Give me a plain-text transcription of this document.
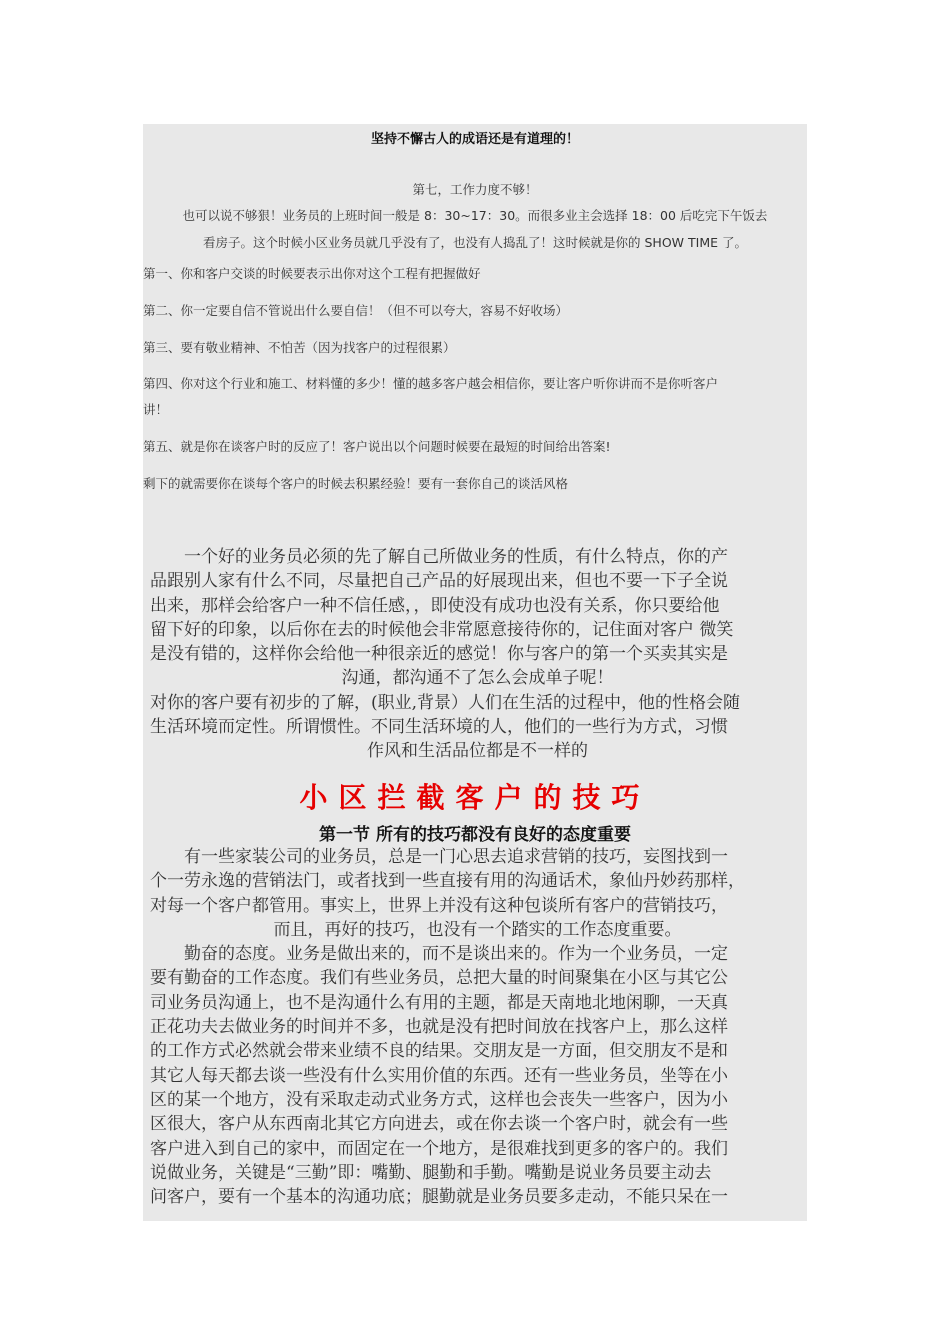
坚持不懈古人的成语还是有道理的！
第七，工作力度不够！
也可以说不够狠！业务员的上班时间一般是 8：30~17：30。而很多业主会选择 18：00 后吃完下午饭去
看房子。这个时候小区业务员就几乎没有了，也没有人捣乱了！这时候就是你的 SHOW TIME 了。
第一、你和客户交谈的时候要表示出你对这个工程有把握做好
第二、你一定要自信不管说出什么要自信！（但不可以夸大，容易不好收场）
第三、要有敬业精神、不怕苦（因为找客户的过程很累）
第四、你对这个行业和施工、材料懂的多少！懂的越多客户越会相信你，要让客户听你讲而不是你听客户
讲！
第五、就是你在谈客户时的反应了！客户说出以个问题时候要在最短的时间给出答案!
剩下的就需要你在谈每个客户的时候去积累经验！要有一套你自己的谈活风格
一个好的业务员必须的先了解自己所做业务的性质，有什么特点，你的产
品跟别人家有什么不同，尽量把自己产品的好展现出来，但也不要一下子全说
出来，那样会给客户一种不信任感，，即使没有成功也没有关系，你只要给他
留下好的印象，以后你在去的时候他会非常愿意接待你的，记住面对客户 微笑
是没有错的，这样你会给他一种很亲近的感觉！你与客户的第一个买卖其实是
沟通，都沟通不了怎么会成单子呢！
对你的客户要有初步的了解，(职业,背景）人们在生活的过程中，他的性格会随
生活环境而定性。所谓惯性。不同生活环境的人，他们的一些行为方式，习惯
作风和生活品位都是不一样的
小区拦截客户的技巧
第一节 所有的技巧都没有良好的态度重要
有一些家装公司的业务员，总是一门心思去追求营销的技巧，妄图找到一
个一劳永逸的营销法门，或者找到一些直接有用的沟通话术，象仙丹妙药那样，
对每一个客户都管用。事实上，世界上并没有这种包谈所有客户的营销技巧，
而且，再好的技巧，也没有一个踏实的工作态度重要。
勤奋的态度。业务是做出来的，而不是谈出来的。作为一个业务员，一定
要有勤奋的工作态度。我们有些业务员，总把大量的时间聚集在小区与其它公
司业务员沟通上，也不是沟通什么有用的主题，都是天南地北地闲聊，一天真
正花功夫去做业务的时间并不多，也就是没有把时间放在找客户上，那么这样
的工作方式必然就会带来业绩不良的结果。交朋友是一方面，但交朋友不是和
其它人每天都去谈一些没有什么实用价值的东西。还有一些业务员，坐等在小
区的某一个地方，没有采取走动式业务方式，这样也会丧失一些客户，因为小
区很大，客户从东西南北其它方向进去，或在你去谈一个客户时，就会有一些
客户进入到自己的家中，而固定在一个地方，是很难找到更多的客户的。我们
说做业务，关键是“三勤”即：嘴勤、腿勤和手勤。嘴勤是说业务员要主动去
问客户，要有一个基本的沟通功底；腿勤就是业务员要多走动，不能只呆在一
